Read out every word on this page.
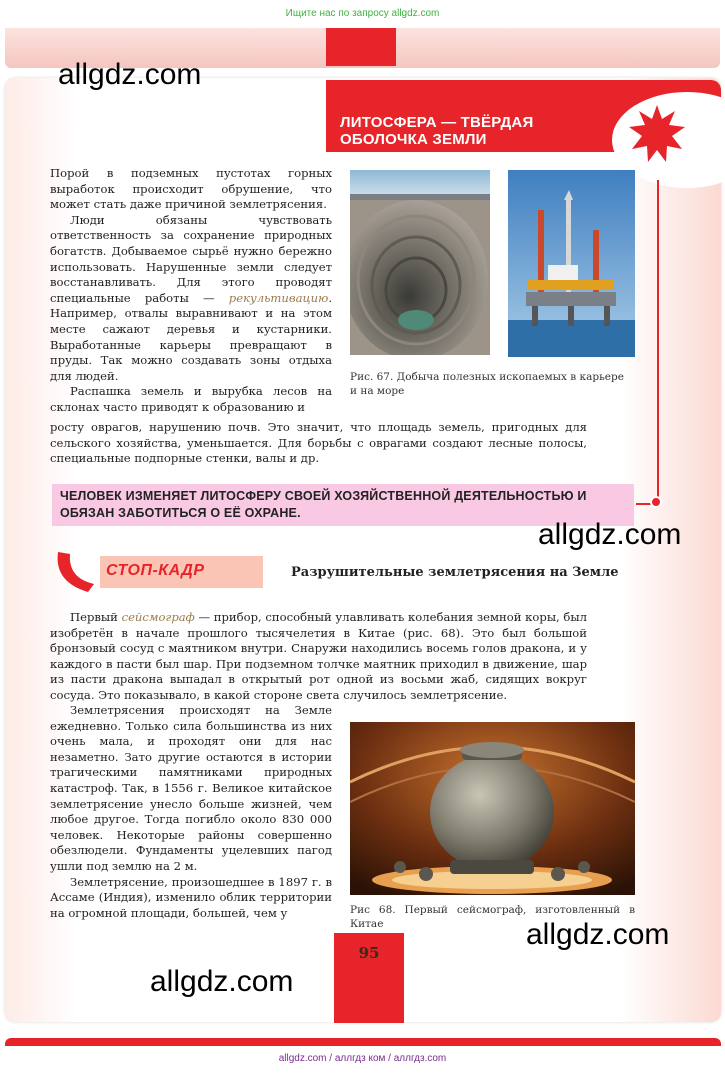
Ищите нас по запросу allgdz.com
ЛИТОСФЕРА — ТВЁРДАЯ ОБОЛОЧКА ЗЕМЛИ
allgdz.com

Порой в подземных пустотах горных выработок происходит обрушение, что может стать даже причиной землетрясения.

Люди обязаны чувствовать ответственность за сохранение природных богатств. Добываемое сырьё нужно бережно использовать. Нарушенные земли следует восстанавливать. Для этого проводят специальные работы — рекультивацию. Например, отвалы выравнивают и на этом месте сажают деревья и кустарники. Выработанные карьеры превращают в пруды. Так можно создавать зоны отдыха для людей.

Распашка земель и вырубка лесов на склонах часто приводят к образованию и

Рис. 67. Добыча полезных ископаемых в карьере и на море

росту оврагов, нарушению почв. Это значит, что площадь земель, пригодных для сельского хозяйства, уменьшается. Для борьбы с оврагами создают лесные полосы, специальные подпорные стенки, валы и др.

ЧЕЛОВЕК ИЗМЕНЯЕТ ЛИТОСФЕРУ СВОЕЙ ХОЗЯЙСТВЕННОЙ ДЕЯТЕЛЬНОСТЬЮ И ОБЯЗАН ЗАБОТИТЬСЯ О ЕЁ ОХРАНЕ.
allgdz.com
СТОП-КАДР	Разрушительные землетрясения на Земле

Первый сейсмограф — прибор, способный улавливать колебания земной коры, был изобретён в начале прошлого тысячелетия в Китае (рис. 68). Это был большой бронзовый сосуд с маятником внутри. Снаружи находились восемь голов дракона, и у каждого в пасти был шар. При подземном толчке маятник приходил в движение, шар из пасти дракона выпадал в открытый рот одной из восьми жаб, сидящих вокруг сосуда. Это показывало, в какой стороне света случилось землетрясение.

Землетрясения происходят на Земле ежедневно. Только сила большинства из них очень мала, и проходят они для нас незаметно. Зато другие остаются в истории трагическими памятниками природных катастроф. Так, в 1556 г. Великое китайское землетрясение унесло больше жизней, чем любое другое. Тогда погибло около 830 000 человек. Некоторые районы совершенно обезлюдели. Фундаменты уцелевших пагод ушли под землю на 2 м.

Землетрясение, произошедшее в 1897 г. в Ассаме (Индия), изменило облик территории на огромной площади, большей, чем у	Рис 68. Первый сейсмограф, изготовленный в Китае	allgdz.com
allgdz.com
95
allgdz.com / аллгдз ком / аллгдз.com
